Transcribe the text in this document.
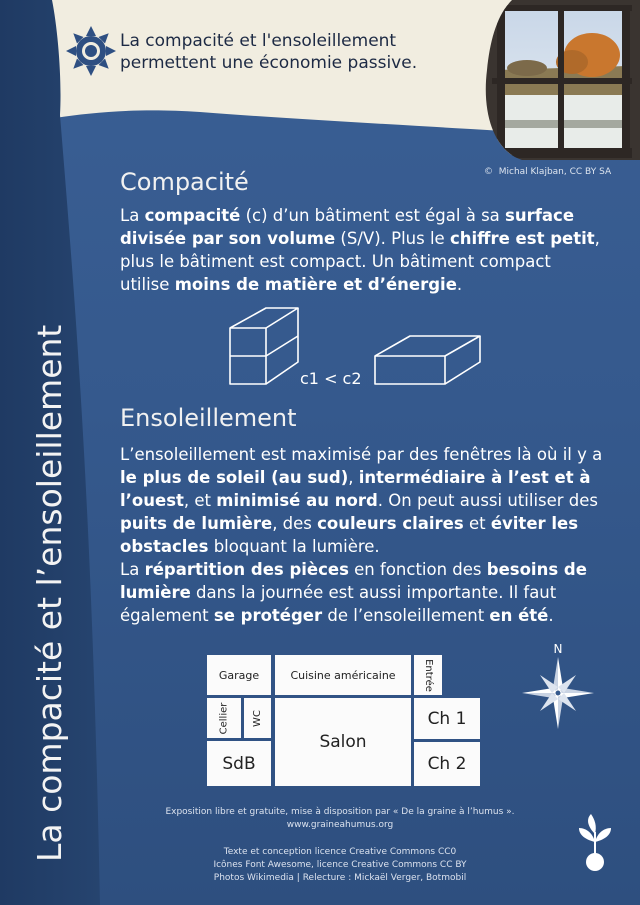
La compacité et l'ensoleillement
permettent une économie passive.
© Michal Klajban, CC BY SA
La compacité et l’ensoleillement
Compacité
La compacité (c) d’un bâtiment est égal à sa surface divisée par son volume (S/V). Plus le chiffre est petit, plus le bâtiment est compact. Un bâtiment compact utilise moins de matière et d’énergie.
c1 < c2
Ensoleillement
L’ensoleillement est maximisé par des fenêtres là où il y a le plus de soleil (au sud), intermédiaire à l’est et à l’ouest, et minimisé au nord. On peut aussi utiliser des puits de lumière, des couleurs claires et éviter les obstacles bloquant la lumière.
La répartition des pièces en fonction des besoins de lumière dans la journée est aussi importante. Il faut également se protéger de l’ensoleillement en été.
Garage	Cuisine américaine	Entrée
Cellier WC
Salon
Ch 1
SdB	Ch 2
N
Exposition libre et gratuite, mise à disposition par « De la graine à l’humus ».
www.graineahumus.org
Texte et conception licence Creative Commons CC0
Icônes Font Awesome, licence Creative Commons CC BY
Photos Wikimedia | Relecture : Mickaël Verger, Botmobil
